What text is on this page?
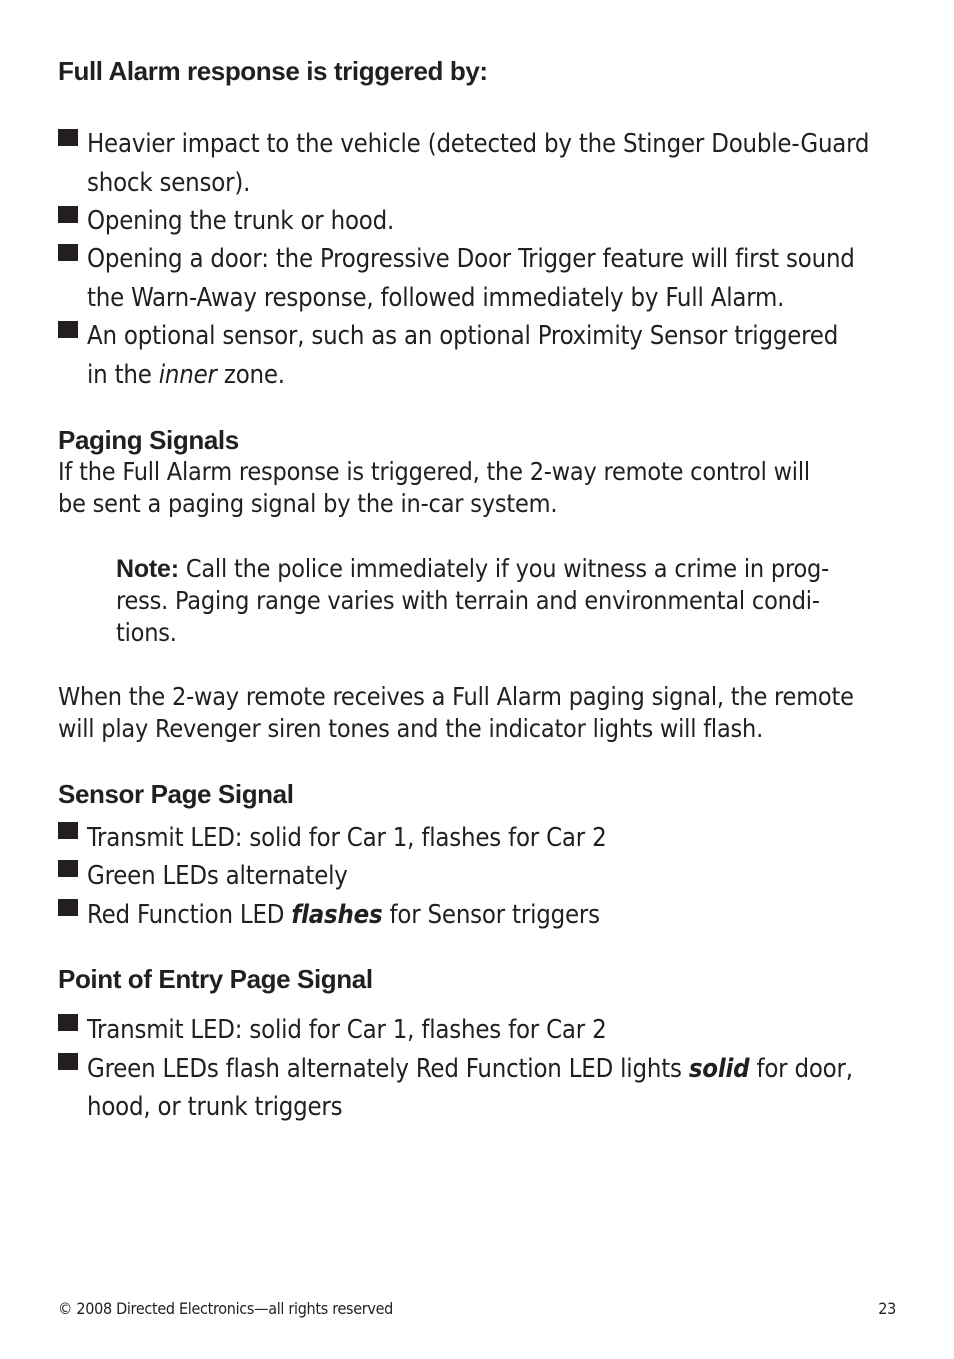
Full Alarm response is triggered by:
Heavier impact to the vehicle (detected by the Stinger Double-Guard
shock sensor).
Opening the trunk or hood.
Opening a door: the Progressive Door Trigger feature will first sound
the Warn-Away response, followed immediately by Full Alarm.
An optional sensor, such as an optional Proximity Sensor triggered
in the inner zone.
Paging Signals
If the Full Alarm response is triggered, the 2-way remote control will
be sent a paging signal by the in-car system.
Note: Call the police immediately if you witness a crime in prog-
ress. Paging range varies with terrain and environmental condi-
tions.
When the 2-way remote receives a Full Alarm paging signal, the remote
will play Revenger siren tones and the indicator lights will flash.
Sensor Page Signal
Transmit LED: solid for Car 1, flashes for Car 2
Green LEDs alternately
Red Function LED flashes for Sensor triggers
Point of Entry Page Signal
Transmit LED: solid for Car 1, flashes for Car 2
Green LEDs flash alternately Red Function LED lights solid for door,
hood, or trunk triggers
© 2008 Directed Electronics—all rights reserved	23
